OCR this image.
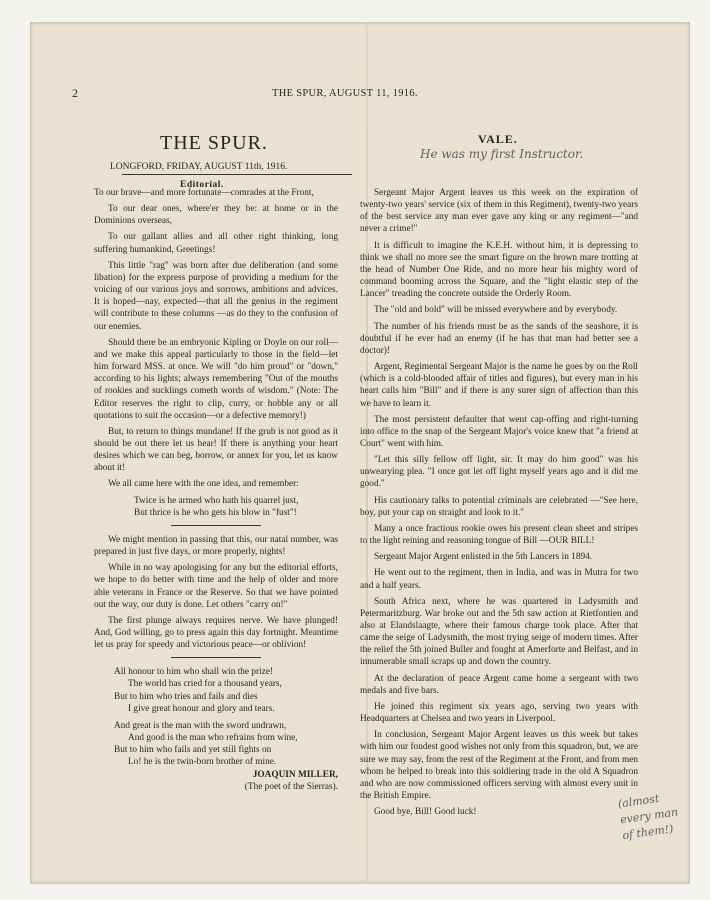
2	THE SPUR, AUGUST 11, 1916.
THE SPUR.
LONGFORD, FRIDAY, AUGUST 11th, 1916.
Editorial.
VALE.
He was my first Instructor.

To our brave—and more fortunate—comrades at the Front,

To our dear ones, where'er they be: at home or in the Dominions overseas,

To our gallant allies and all other right thinking, long suffering humankind, Greetings!

This little "rag" was born after due deliberation (and some libation) for the express purpose of providing a medium for the voicing of our various joys and sorrows, ambitions and advices. It is hoped—nay, expected—that all the genius in the regiment will contribute to these columns —as do they to the confusion of our enemies.

Should there be an embryonic Kipling or Doyle on our roll—and we make this appeal particularly to those in the field—let him forward MSS. at once. We will "do him proud" or "down," according to his lights; always remembering "Out of the mouths of rookies and sucklings cometh words of wisdom." (Note: The Editor reserves the right to clip, curry, or hobble any or all quotations to suit the occasion—or a defective memory!)

But, to return to things mundane! If the grub is not good as it should be out there let us hear! If there is anything your heart desires which we can beg, borrow, or annex for you, let us know about it!

We all came here with the one idea, and remember:

Twice is he armed who hath his quarrel just,

But thrice is he who gets his blow in "fust"!

We might mention in passing that this, our natal number, was prepared in just five days, or more properly, nights!

While in no way apologising for any but the editorial efforts, we hope to do better with time and the help of older and more able veterans in France or the Reserve. So that we have pointed out the way, our duty is done. Let others "carry on!"

The first plunge always requires nerve. We have plunged! And, God willing, go to press again this day fortnight. Meantime let us pray for speedy and victorious peace—or oblivion!

All honour to him who shall win the prize!

The world has cried for a thousand years,

But to him who tries and fails and dies

I give great honour and glory and tears.

And great is the man with the sword undrawn,

And good is the man who refrains from wine,

But to him who fails and yet still fights on

Lo! he is the twin-born brother of mine.

JOAQUIN MILLER,

(The poet of the Sierras).

Sergeant Major Argent leaves us this week on the expiration of twenty-two years' service (six of them in this Regiment), twenty-two years of the best service any man ever gave any king or any regiment—"and never a crime!"

It is difficult to imagine the K.E.H. without him, it is depressing to think we shall no more see the smart figure on the brown mare trotting at the head of Number One Ride, and no more hear his mighty word of command booming across the Square, and the "light elastic step of the Lancer" treading the concrete outside the Orderly Room.

The "old and bold" will be missed everywhere and by everybody.

The number of his friends must be as the sands of the seashore, it is doubtful if he ever had an enemy (if he has that man had better see a doctor)!

Argent, Regimental Sergeant Major is the name he goes by on the Roll (which is a cold-blooded affair of titles and figures), but every man in his heart calls him "Bill" and if there is any surer sign of affection than this we have to learn it.

The most persistent defaulter that went cap-offing and right-turning into office to the snap of the Sergeant Major's voice knew that "a friend at Court" went with him.

"Let this silly fellow off light, sir. It may do him good" was his unwearying plea. "I once got let off light myself years ago and it did me good."

His cautionary talks to potential criminals are celebrated —"See here, boy, put your cap on straight and look to it."

Many a once fractious rookie owes his present clean sheet and stripes to the light reining and reasoning tongue of Bill —OUR BILL!

Sergeant Major Argent enlisted in the 5th Lancers in 1894.

He went out to the regiment, then in India, and was in Mutra for two and a half years.

South Africa next, where he was quartered in Ladysmith and Petermaritzburg. War broke out and the 5th saw action at Rietfontien and also at Elandslaagte, where their famous charge took place. After that came the seige of Ladysmith, the most trying seige of modern times. After the relief the 5th joined Buller and fought at Amerforte and Belfast, and in innumerable small scraps up and down the country.

At the declaration of peace Argent came home a sergeant with two medals and five bars.

He joined this regiment six years ago, serving two years with Headquarters at Chelsea and two years in Liverpool.

In conclusion, Sergeant Major Argent leaves us this week but takes with him our fondest good wishes not only from this squadron, but, we are sure we may say, from the rest of the Regiment at the Front, and from men whom he helped to break into this soldiering trade in the old A Squadron and who are now commissioned officers serving with almost every unit in the British Empire.

Good bye, Bill! Good luck!

(almost every man of them!)
